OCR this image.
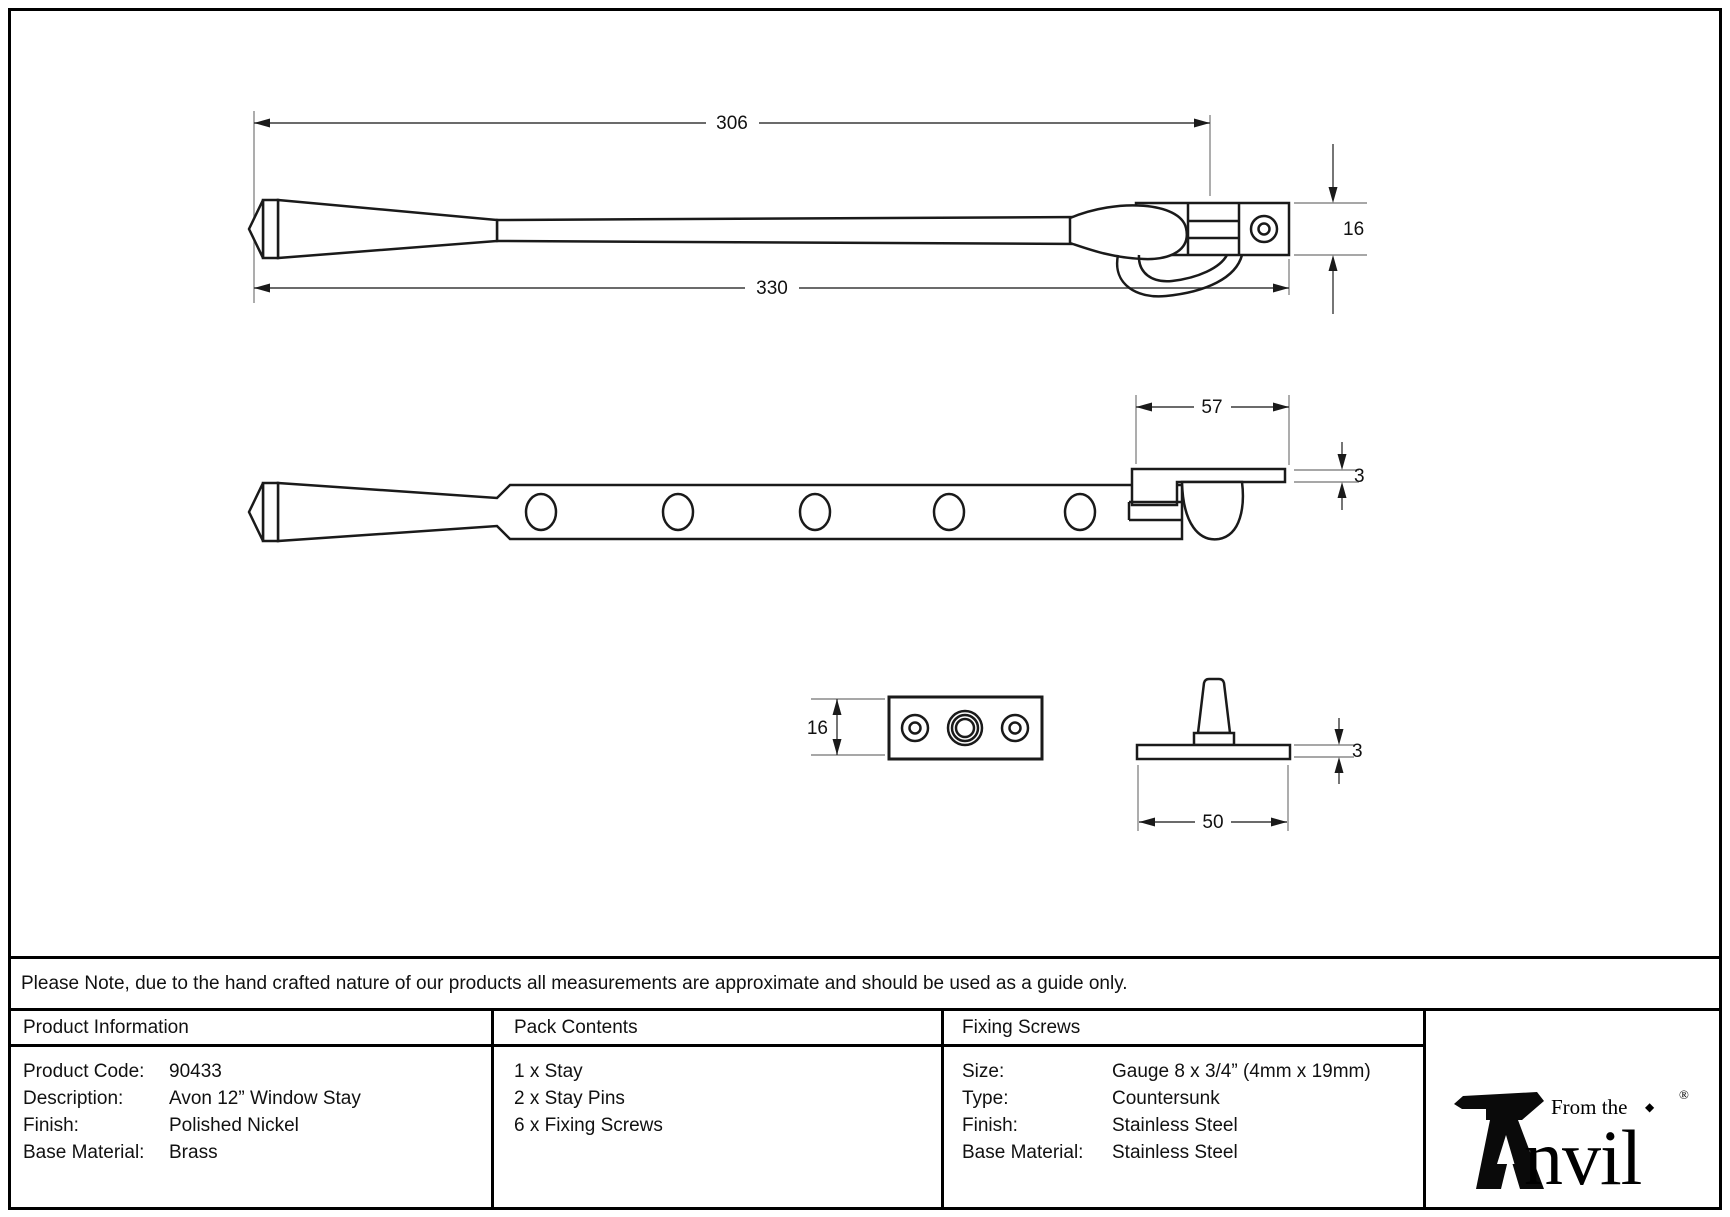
306
330
16
57
3
16
3
50
Please Note, due to the hand crafted nature of our products all measurements are approximate and should be used as a guide only.
Product Information
Product Code:	90433
Description:	Avon 12” Window Stay
Finish:	Polished Nickel
Base Material:	Brass
Pack Contents
1 x Stay
2 x Stay Pins
6 x Fixing Screws
Fixing Screws
Size:	Gauge 8 x 3/4” (4mm x 19mm)
Type:	Countersunk
Finish:	Stainless Steel
Base Material:	Stainless Steel
From the ◆
®
nvil
